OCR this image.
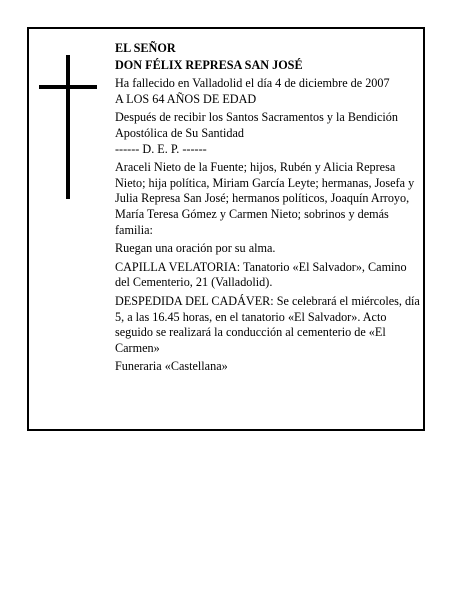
EL SEÑOR

DON FÉLIX REPRESA SAN JOSÉ

Ha fallecido en Valladolid el día 4 de diciembre de 2007

A LOS 64 AÑOS DE EDAD

Después de recibir los Santos Sacramentos y la Bendición Apostólica de Su Santidad

------ D. E. P. ------

Araceli Nieto de la Fuente; hijos, Rubén y Alicia Represa Nieto; hija política, Miriam García Leyte; hermanas, Josefa y Julia Represa San José; hermanos políticos, Joaquín Arroyo, María Teresa Gómez y Carmen Nieto; sobrinos y demás familia:

Ruegan una oración por su alma.

CAPILLA VELATORIA: Tanatorio «El Salvador», Camino del Cementerio, 21 (Valladolid).

DESPEDIDA DEL CADÁVER: Se celebrará el miércoles, día 5, a las 16.45 horas, en el tanatorio «El Salvador». Acto seguido se realizará la conducción al cementerio de «El Carmen»

Funeraria «Castellana»
